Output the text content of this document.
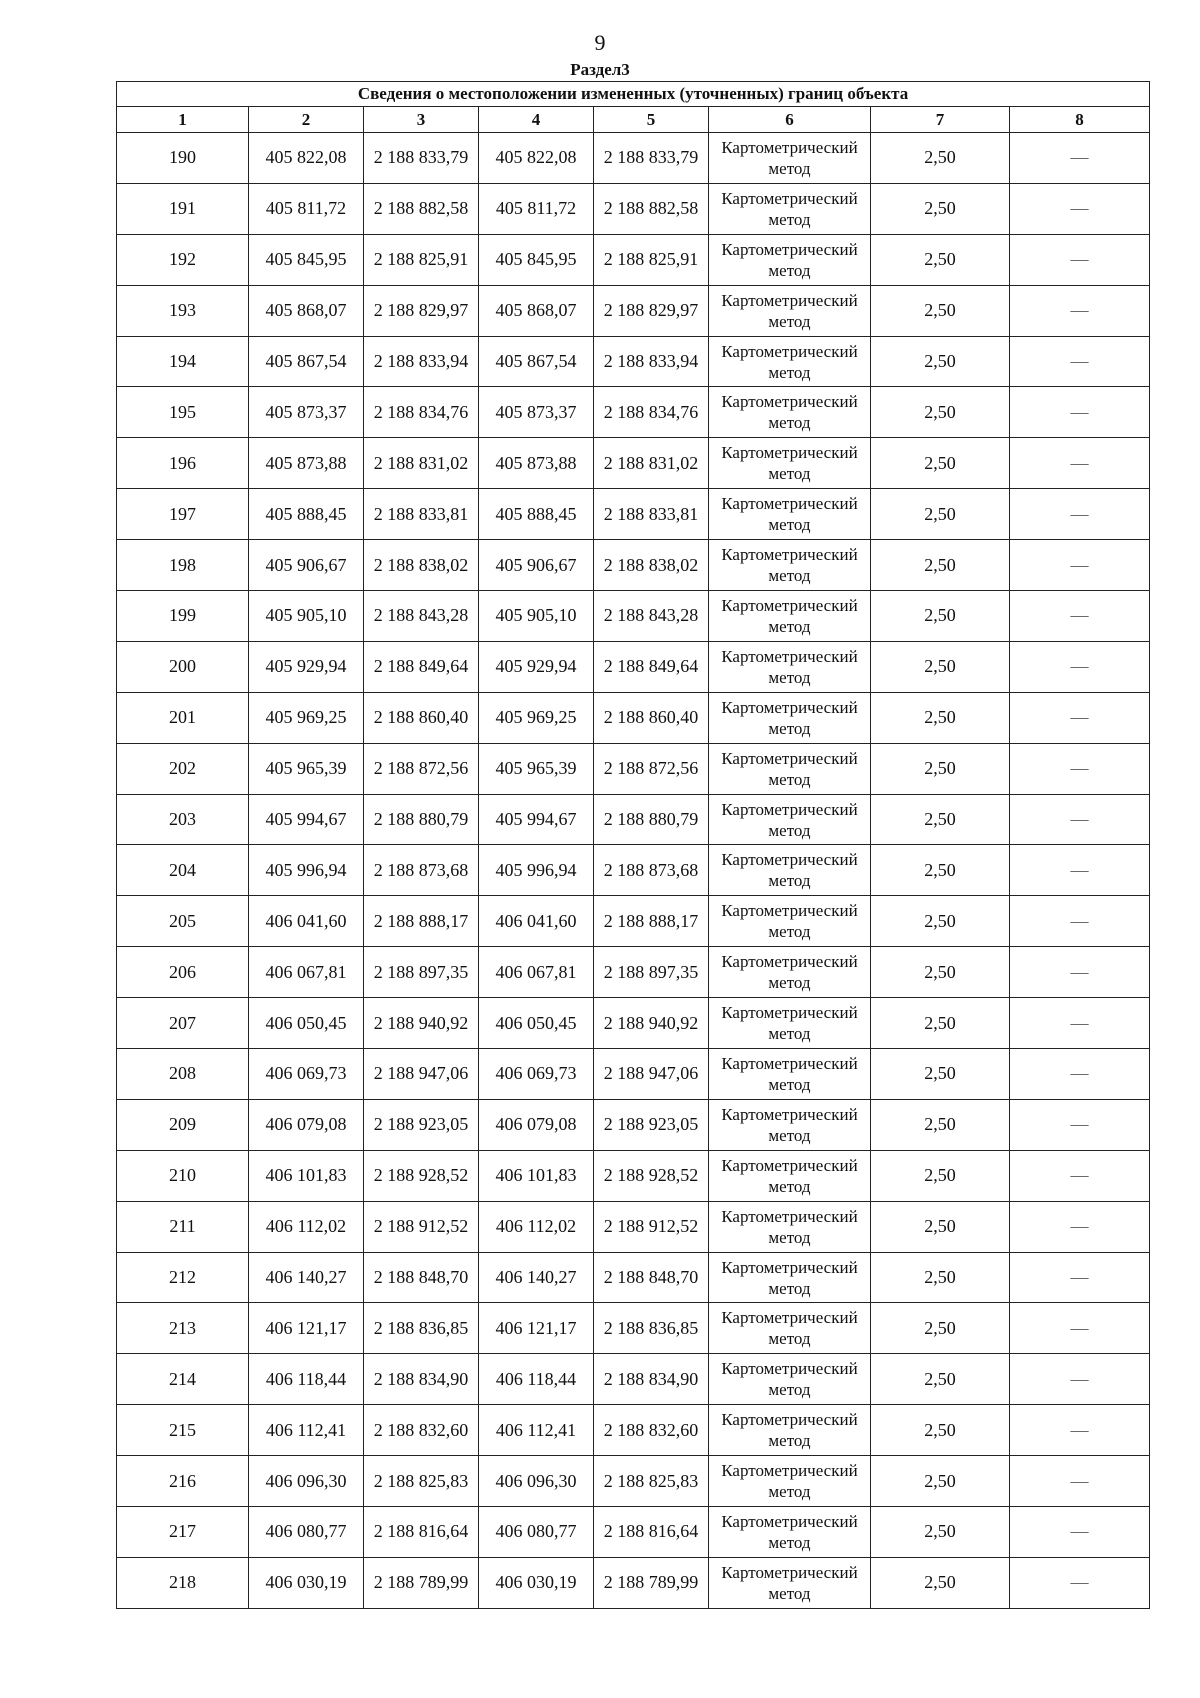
9
Раздел3
Сведения о местоположении измененных (уточненных) границ объекта							
1	2	3	4	5	6	7	8
190	405 822,08	2 188 833,79	405 822,08	2 188 833,79	Картометрический метод	2,50	—
191	405 811,72	2 188 882,58	405 811,72	2 188 882,58	Картометрический метод	2,50	—
192	405 845,95	2 188 825,91	405 845,95	2 188 825,91	Картометрический метод	2,50	—
193	405 868,07	2 188 829,97	405 868,07	2 188 829,97	Картометрический метод	2,50	—
194	405 867,54	2 188 833,94	405 867,54	2 188 833,94	Картометрический метод	2,50	—
195	405 873,37	2 188 834,76	405 873,37	2 188 834,76	Картометрический метод	2,50	—
196	405 873,88	2 188 831,02	405 873,88	2 188 831,02	Картометрический метод	2,50	—
197	405 888,45	2 188 833,81	405 888,45	2 188 833,81	Картометрический метод	2,50	—
198	405 906,67	2 188 838,02	405 906,67	2 188 838,02	Картометрический метод	2,50	—
199	405 905,10	2 188 843,28	405 905,10	2 188 843,28	Картометрический метод	2,50	—
200	405 929,94	2 188 849,64	405 929,94	2 188 849,64	Картометрический метод	2,50	—
201	405 969,25	2 188 860,40	405 969,25	2 188 860,40	Картометрический метод	2,50	—
202	405 965,39	2 188 872,56	405 965,39	2 188 872,56	Картометрический метод	2,50	—
203	405 994,67	2 188 880,79	405 994,67	2 188 880,79	Картометрический метод	2,50	—
204	405 996,94	2 188 873,68	405 996,94	2 188 873,68	Картометрический метод	2,50	—
205	406 041,60	2 188 888,17	406 041,60	2 188 888,17	Картометрический метод	2,50	—
206	406 067,81	2 188 897,35	406 067,81	2 188 897,35	Картометрический метод	2,50	—
207	406 050,45	2 188 940,92	406 050,45	2 188 940,92	Картометрический метод	2,50	—
208	406 069,73	2 188 947,06	406 069,73	2 188 947,06	Картометрический метод	2,50	—
209	406 079,08	2 188 923,05	406 079,08	2 188 923,05	Картометрический метод	2,50	—
210	406 101,83	2 188 928,52	406 101,83	2 188 928,52	Картометрический метод	2,50	—
211	406 112,02	2 188 912,52	406 112,02	2 188 912,52	Картометрический метод	2,50	—
212	406 140,27	2 188 848,70	406 140,27	2 188 848,70	Картометрический метод	2,50	—
213	406 121,17	2 188 836,85	406 121,17	2 188 836,85	Картометрический метод	2,50	—
214	406 118,44	2 188 834,90	406 118,44	2 188 834,90	Картометрический метод	2,50	—
215	406 112,41	2 188 832,60	406 112,41	2 188 832,60	Картометрический метод	2,50	—
216	406 096,30	2 188 825,83	406 096,30	2 188 825,83	Картометрический метод	2,50	—
217	406 080,77	2 188 816,64	406 080,77	2 188 816,64	Картометрический метод	2,50	—
218	406 030,19	2 188 789,99	406 030,19	2 188 789,99	Картометрический метод	2,50	—
